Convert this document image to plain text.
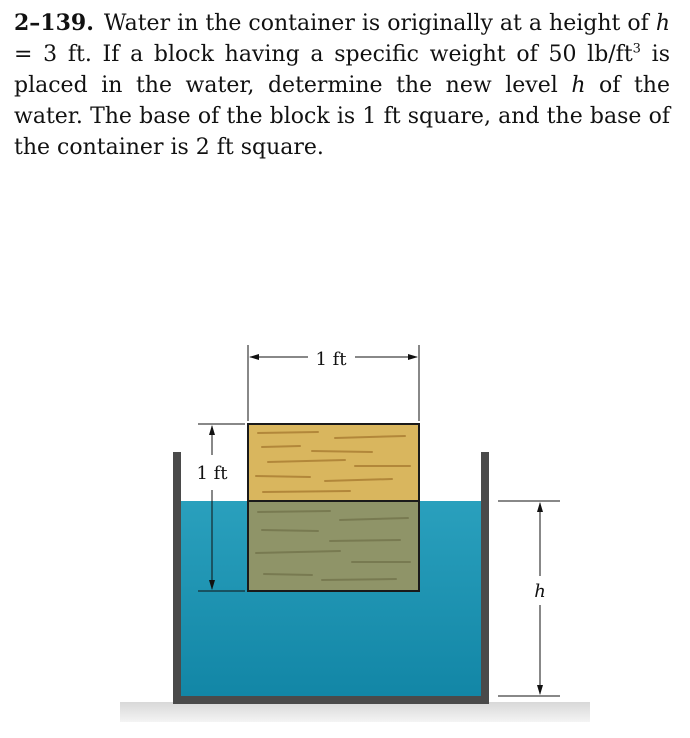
2–139. Water in the container is originally at a height of h = 3 ft. If a block having a specific weight of 50 $lb/ft^3$ is placed in the water, determine the new level h of the water. The base of the block is 1 ft square, and the base of the container is 2 ft square.

1 ft
1 ft
h
